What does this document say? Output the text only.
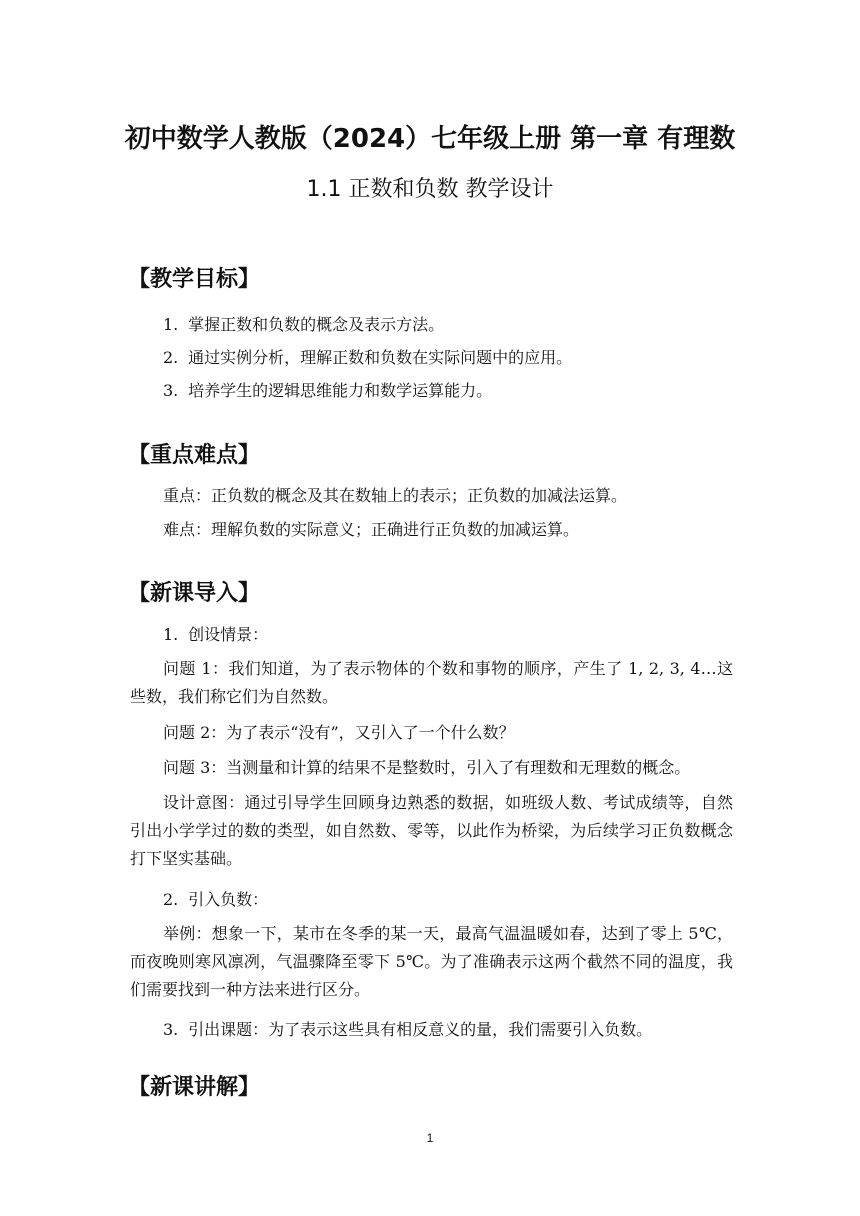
初中数学人教版（2024）七年级上册 第一章 有理数
1.1 正数和负数 教学设计
【教学目标】
1. 掌握正数和负数的概念及表示方法。
2. 通过实例分析，理解正数和负数在实际问题中的应用。
3. 培养学生的逻辑思维能力和数学运算能力。
【重点难点】
重点：正负数的概念及其在数轴上的表示；正负数的加减法运算。
难点：理解负数的实际意义；正确进行正负数的加减运算。
【新课导入】
1. 创设情景：
问题 1：我们知道，为了表示物体的个数和事物的顺序，产生了 1, 2, 3, 4…这些数，我们称它们为自然数。
问题 2：为了表示“没有”，又引入了一个什么数？
问题 3：当测量和计算的结果不是整数时，引入了有理数和无理数的概念。
设计意图：通过引导学生回顾身边熟悉的数据，如班级人数、考试成绩等，自然引出小学学过的数的类型，如自然数、零等，以此作为桥梁，为后续学习正负数概念打下坚实基础。
2. 引入负数：
举例：想象一下，某市在冬季的某一天，最高气温温暖如春，达到了零上 5℃，而夜晚则寒风凛冽，气温骤降至零下 5℃。为了准确表示这两个截然不同的温度，我们需要找到一种方法来进行区分。
3. 引出课题：为了表示这些具有相反意义的量，我们需要引入负数。
【新课讲解】
1
